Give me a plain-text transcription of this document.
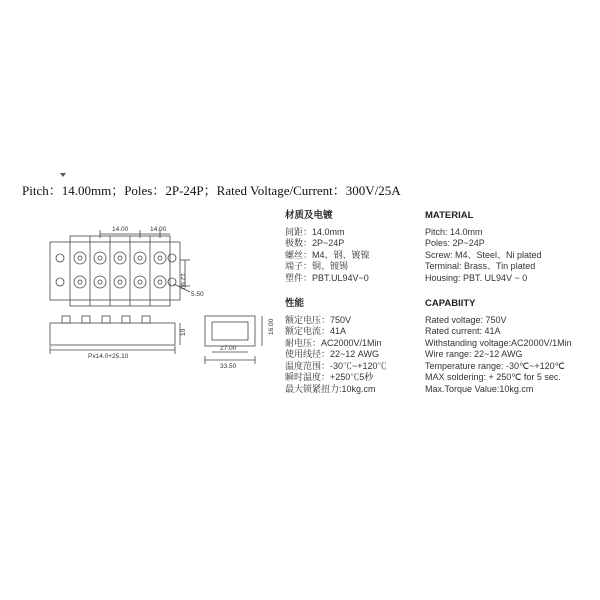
Pitch：14.00mm；Poles：2P-24P；Rated Voltage/Current：300V/25A
14.00	14.00
12.90
5.50
10
Px14.0+25.10
27.00
33.50
16.00
材质及电镀
间距：14.0mm
极数：2P~24P
螺丝：M4、钢、镀镍
端子：铜、镀锡
塑件：PBT.UL94V~0
性能
额定电压：750V
额定电流：41A
耐电压：AC2000V/1Min
使用线径：22~12 AWG
温度范围：-30℃~+120℃
瞬时温度：+250℃5秒
最大锁紧扭力:10kg.cm
MATERIAL
Pitch: 14.0mm
Poles: 2P~24P
Screw: M4、Steel、Ni plated
Terminal: Brass、Tin plated
Housing: PBT. UL94V ~ 0
CAPABIITY
Rated voltage: 750V
Rated current: 41A
Withstanding voltage:AC2000V/1Min
Wire range: 22~12 AWG
Temperature range: -30℃~+120℃
MAX soldering: + 250℃ for 5 sec.
Max.Torque Value:10kg.cm
